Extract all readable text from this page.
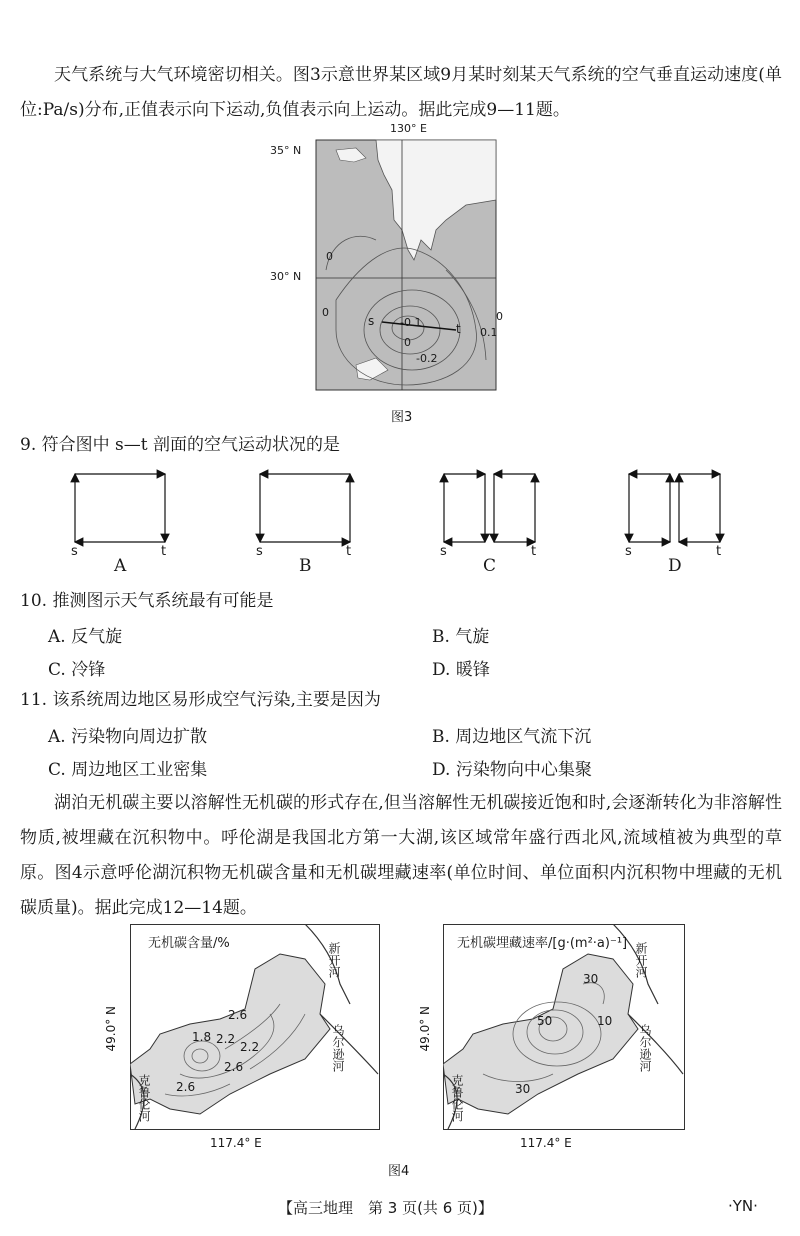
天气系统与大气环境密切相关。图3示意世界某区域9月某时刻某天气系统的空气垂直运动速度(单位:Pa/s)分布,正值表示向下运动,负值表示向上运动。据此完成9—11题。

130° E
35° N
30° N
0
0
-0.1
0
-0.2
0.1
0
s
t
图3
9. 符合图中 s—t 剖面的空气运动状况的是
s	t	s	t	s	t	s	t
A	B	C	D
10. 推测图示天气系统最有可能是
A. 反气旋	B. 气旋
C. 冷锋	D. 暖锋
11. 该系统周边地区易形成空气污染,主要是因为
A. 污染物向周边扩散	B. 周边地区气流下沉
C. 周边地区工业密集	D. 污染物向中心集聚

湖泊无机碳主要以溶解性无机碳的形式存在,但当溶解性无机碳接近饱和时,会逐渐转化为非溶解性物质,被埋藏在沉积物中。呼伦湖是我国北方第一大湖,该区域常年盛行西北风,流域植被为典型的草原。图4示意呼伦湖沉积物无机碳含量和无机碳埋藏速率(单位时间、单位面积内沉积物中埋藏的无机碳质量)。据此完成12—14题。

无机碳含量/%
2.6
1.8 2.2
2.2
2.6
2.6
新开河
乌尔逊河
克鲁伦河
49.0° N
117.4° E
无机碳埋藏速率/[g·(m²·a)⁻¹]
30
50	10
30
新开河
乌尔逊河
克鲁伦河
49.0° N
117.4° E
图4
【高三地理　第 3 页(共 6 页)】	·YN·
